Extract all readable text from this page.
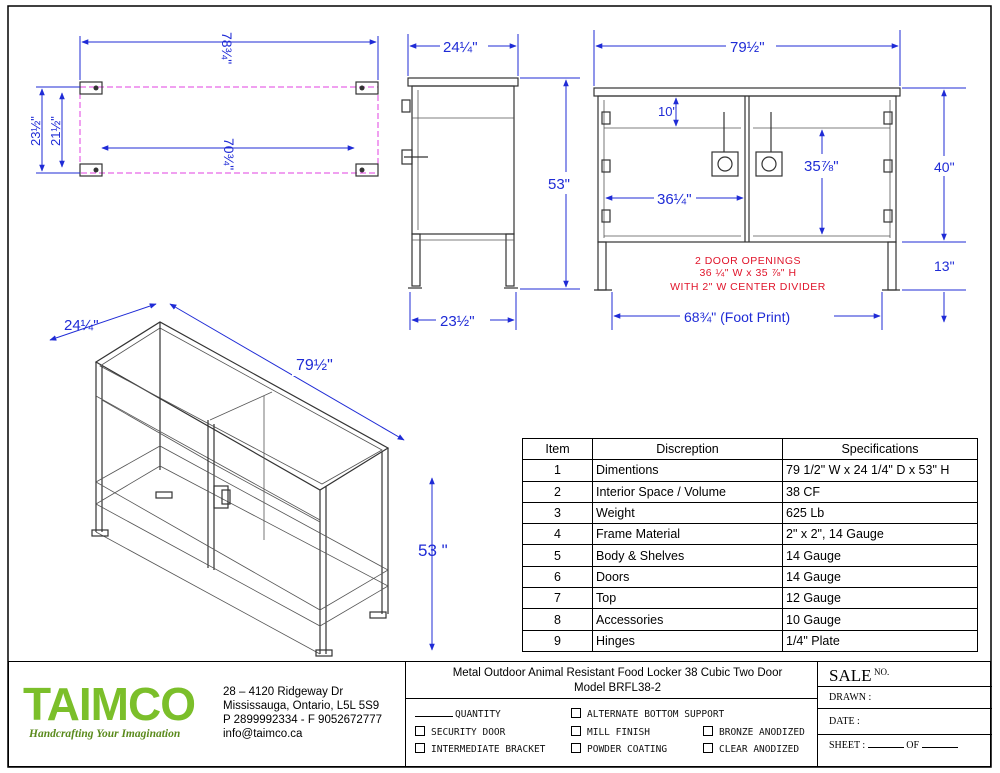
78¾"
70¾"
23½" 21½"
24¼"
53"
23½"
79½"
10"
35⅞"
36¼"
40"
13"
2 DOOR OPENINGS
36 ¼" W x 35 ⅞" H
WITH 2" W CENTER DIVIDER
68¾" (Foot Print)
24¼"
79½"
53 "
Item	Discreption	Specifications
1	Dimentions	79 1/2" W x 24 1/4" D x 53" H
2	Interior Space / Volume	38 CF
3	Weight	625 Lb
4	Frame Material	2" x 2", 14 Gauge
5	Body & Shelves	14 Gauge
6	Doors	14 Gauge
7	Top	12 Gauge
8	Accessories	10 Gauge
9	Hinges	1/4" Plate
TAIMCO
Handcrafting Your Imagination
28 – 4120 Ridgeway Dr
Mississauga, Ontario, L5L 5S9
P 2899992334 - F 9052672777
info@taimco.ca
Metal Outdoor Animal Resistant Food Locker 38 Cubic Two Door
Model BRFL38-2
QUANTITY
SECURITY DOOR
INTERMEDIATE BRACKET
ALTERNATE BOTTOM SUPPORT
MILL FINISH
POWDER COATING
BRONZE ANODIZED
CLEAR ANODIZED
SALE NO.
DRAWN :
DATE :
SHEET :	OF
